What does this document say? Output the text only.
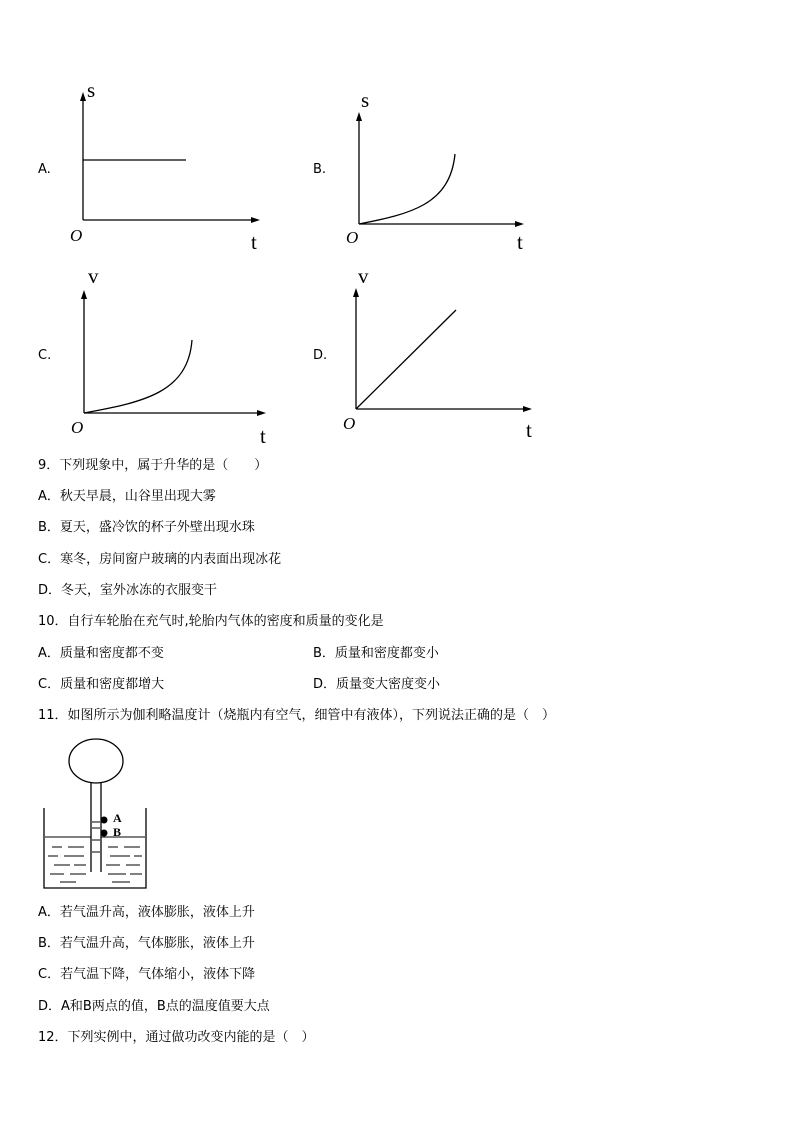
A.
s
O	t
B.
s
O	t
C.
v
O	t
D.
v
O	t
9．下列现象中，属于升华的是（　　）
A．秋天早晨，山谷里出现大雾
B．夏天，盛冷饮的杯子外壁出现水珠
C．寒冬，房间窗户玻璃的内表面出现冰花
D．冬天，室外冰冻的衣服变干
10．自行车轮胎在充气时,轮胎内气体的密度和质量的变化是
A．质量和密度都不变	B．质量和密度都变小
C．质量和密度都增大	D．质量变大密度变小
11．如图所示为伽利略温度计（烧瓶内有空气，细管中有液体），下列说法正确的是（　）
A
B
A．若气温升高，液体膨胀，液体上升
B．若气温升高，气体膨胀，液体上升
C．若气温下降，气体缩小，液体下降
D．A和B两点的值，B点的温度值要大点
12．下列实例中，通过做功改变内能的是（　）
